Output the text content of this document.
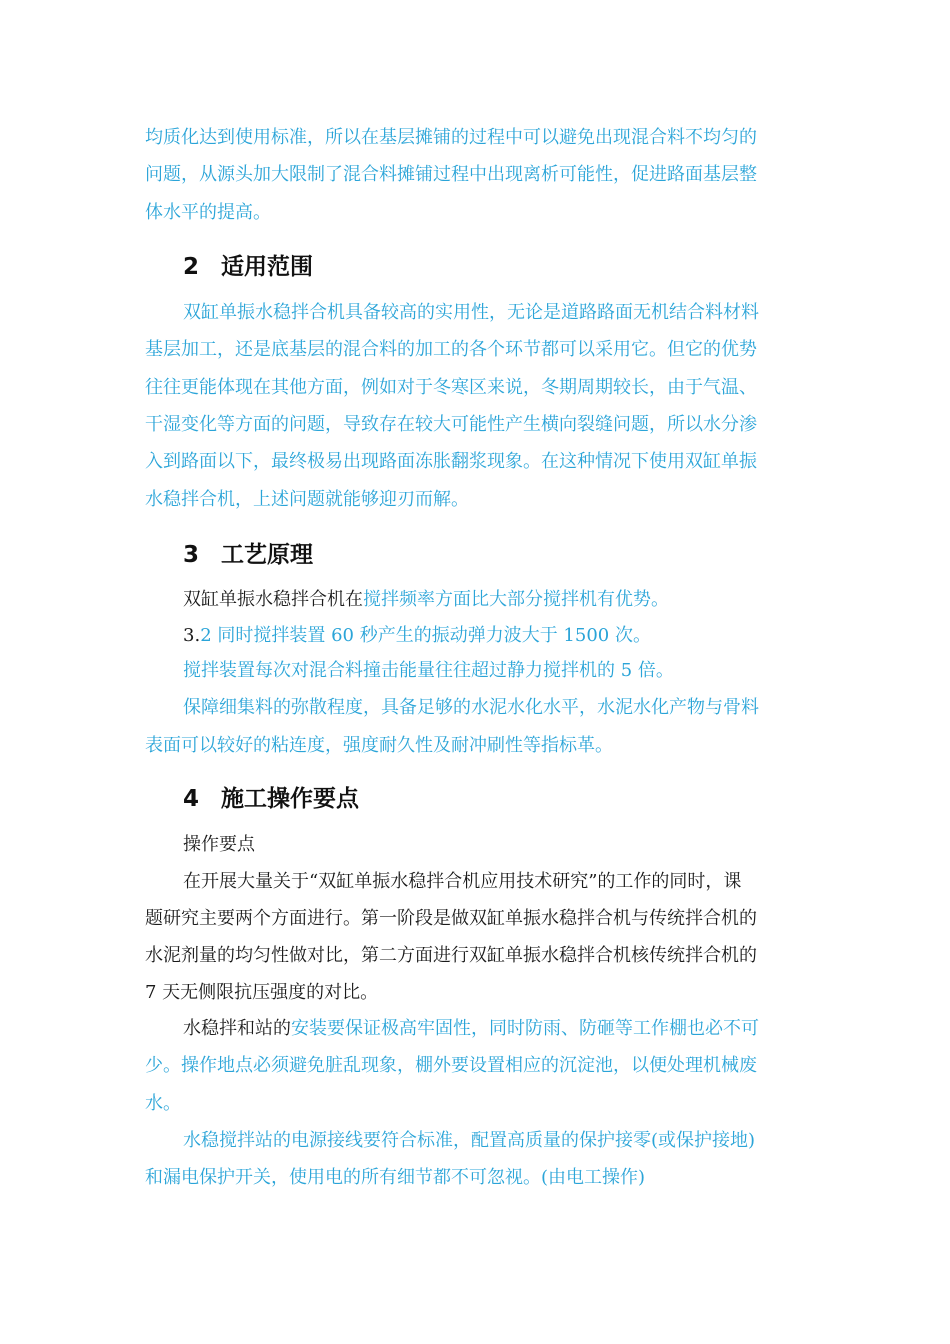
均质化达到使用标准，所以在基层摊铺的过程中可以避免出现混合料不均匀的
问题，从源头加大限制了混合料摊铺过程中出现离析可能性，促进路面基层整
体水平的提高。
2 适用范围
双缸单振水稳拌合机具备较高的实用性，无论是道路路面无机结合料材料
基层加工，还是底基层的混合料的加工的各个环节都可以采用它。但它的优势
往往更能体现在其他方面，例如对于冬寒区来说，冬期周期较长，由于气温、
干湿变化等方面的问题，导致存在较大可能性产生横向裂缝问题，所以水分渗
入到路面以下，最终极易出现路面冻胀翻浆现象。在这种情况下使用双缸单振
水稳拌合机，上述问题就能够迎刃而解。
3 工艺原理
双缸单振水稳拌合机在搅拌频率方面比大部分搅拌机有优势。
3.2 同时搅拌装置 60 秒产生的振动弹力波大于 1500 次。
搅拌装置每次对混合料撞击能量往往超过静力搅拌机的 5 倍。
保障细集料的弥散程度，具备足够的水泥水化水平，水泥水化产物与骨料
表面可以较好的粘连度，强度耐久性及耐冲刷性等指标革。
4 施工操作要点
操作要点
在开展大量关于“双缸单振水稳拌合机应用技术研究”的工作的同时，课
题研究主要两个方面进行。第一阶段是做双缸单振水稳拌合机与传统拌合机的
水泥剂量的均匀性做对比，第二方面进行双缸单振水稳拌合机核传统拌合机的
7 天无侧限抗压强度的对比。
水稳拌和站的安装要保证极高牢固性，同时防雨、防砸等工作棚也必不可
少。操作地点必须避免脏乱现象，棚外要设置相应的沉淀池，以便处理机械废
水。
水稳搅拌站的电源接线要符合标准，配置高质量的保护接零(或保护接地)
和漏电保护开关，使用电的所有细节都不可忽视。(由电工操作)
